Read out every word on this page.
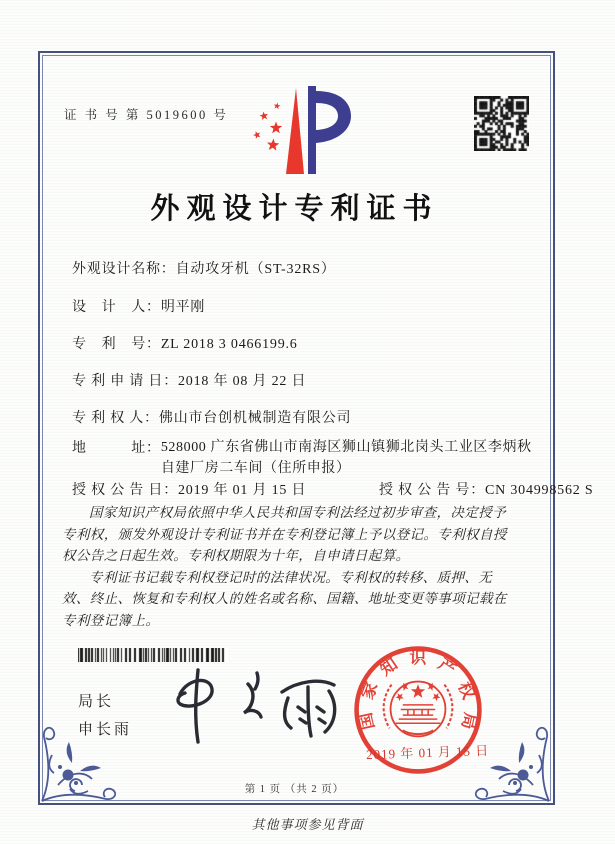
证 书 号 第 5019600 号
外观设计专利证书
外观设计名称：自动攻牙机（ST-32RS）
设　计　人：明平刚
专　利　号：ZL 2018 3 0466199.6
专 利 申 请 日：2018 年 08 月 22 日
专 利 权 人：佛山市台创机械制造有限公司
地　　　址：528000 广东省佛山市南海区狮山镇狮北岗头工业区李炳秋自建厂房二车间（住所申报）
授 权 公 告 日：2019 年 01 月 15 日	授 权 公 告 号：CN 304998562 S

国家知识产权局依照中华人民共和国专利法经过初步审查，决定授予专利权，颁发外观设计专利证书并在专利登记簿上予以登记。专利权自授权公告之日起生效。专利权期限为十年，自申请日起算。

专利证书记载专利权登记时的法律状况。专利权的转移、质押、无效、终止、恢复和专利权人的姓名或名称、国籍、地址变更等事项记载在专利登记簿上。

局长
申长雨	国家知识产权局
2019 年 01 月 15 日
第 1 页 （共 2 页）
其他事项参见背面
